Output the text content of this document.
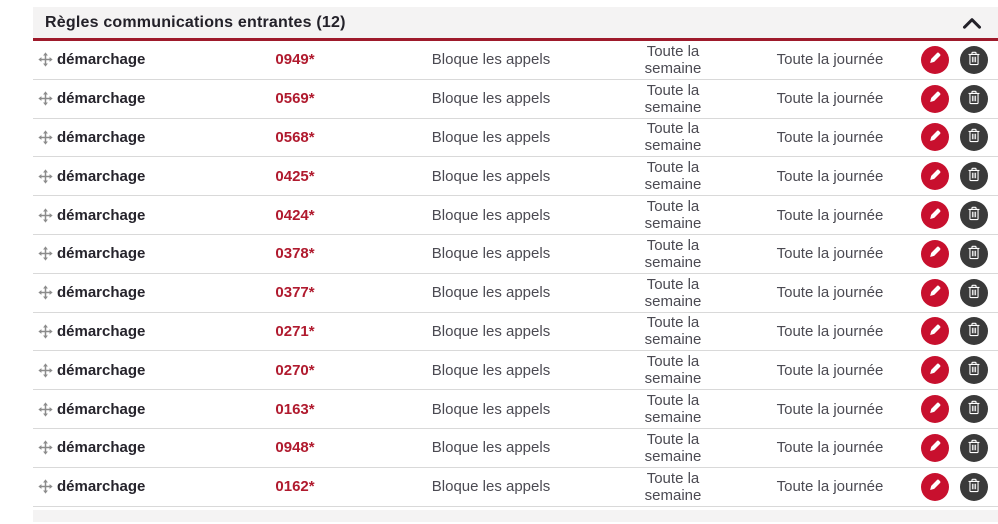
Règles communications entrantes (12)
démarchage	0949*	Bloque les appels	Toute la semaine	Toute la journée
démarchage	0569*	Bloque les appels	Toute la semaine	Toute la journée
démarchage	0568*	Bloque les appels	Toute la semaine	Toute la journée
démarchage	0425*	Bloque les appels	Toute la semaine	Toute la journée
démarchage	0424*	Bloque les appels	Toute la semaine	Toute la journée
démarchage	0378*	Bloque les appels	Toute la semaine	Toute la journée
démarchage	0377*	Bloque les appels	Toute la semaine	Toute la journée
démarchage	0271*	Bloque les appels	Toute la semaine	Toute la journée
démarchage	0270*	Bloque les appels	Toute la semaine	Toute la journée
démarchage	0163*	Bloque les appels	Toute la semaine	Toute la journée
démarchage	0948*	Bloque les appels	Toute la semaine	Toute la journée
démarchage	0162*	Bloque les appels	Toute la semaine	Toute la journée
